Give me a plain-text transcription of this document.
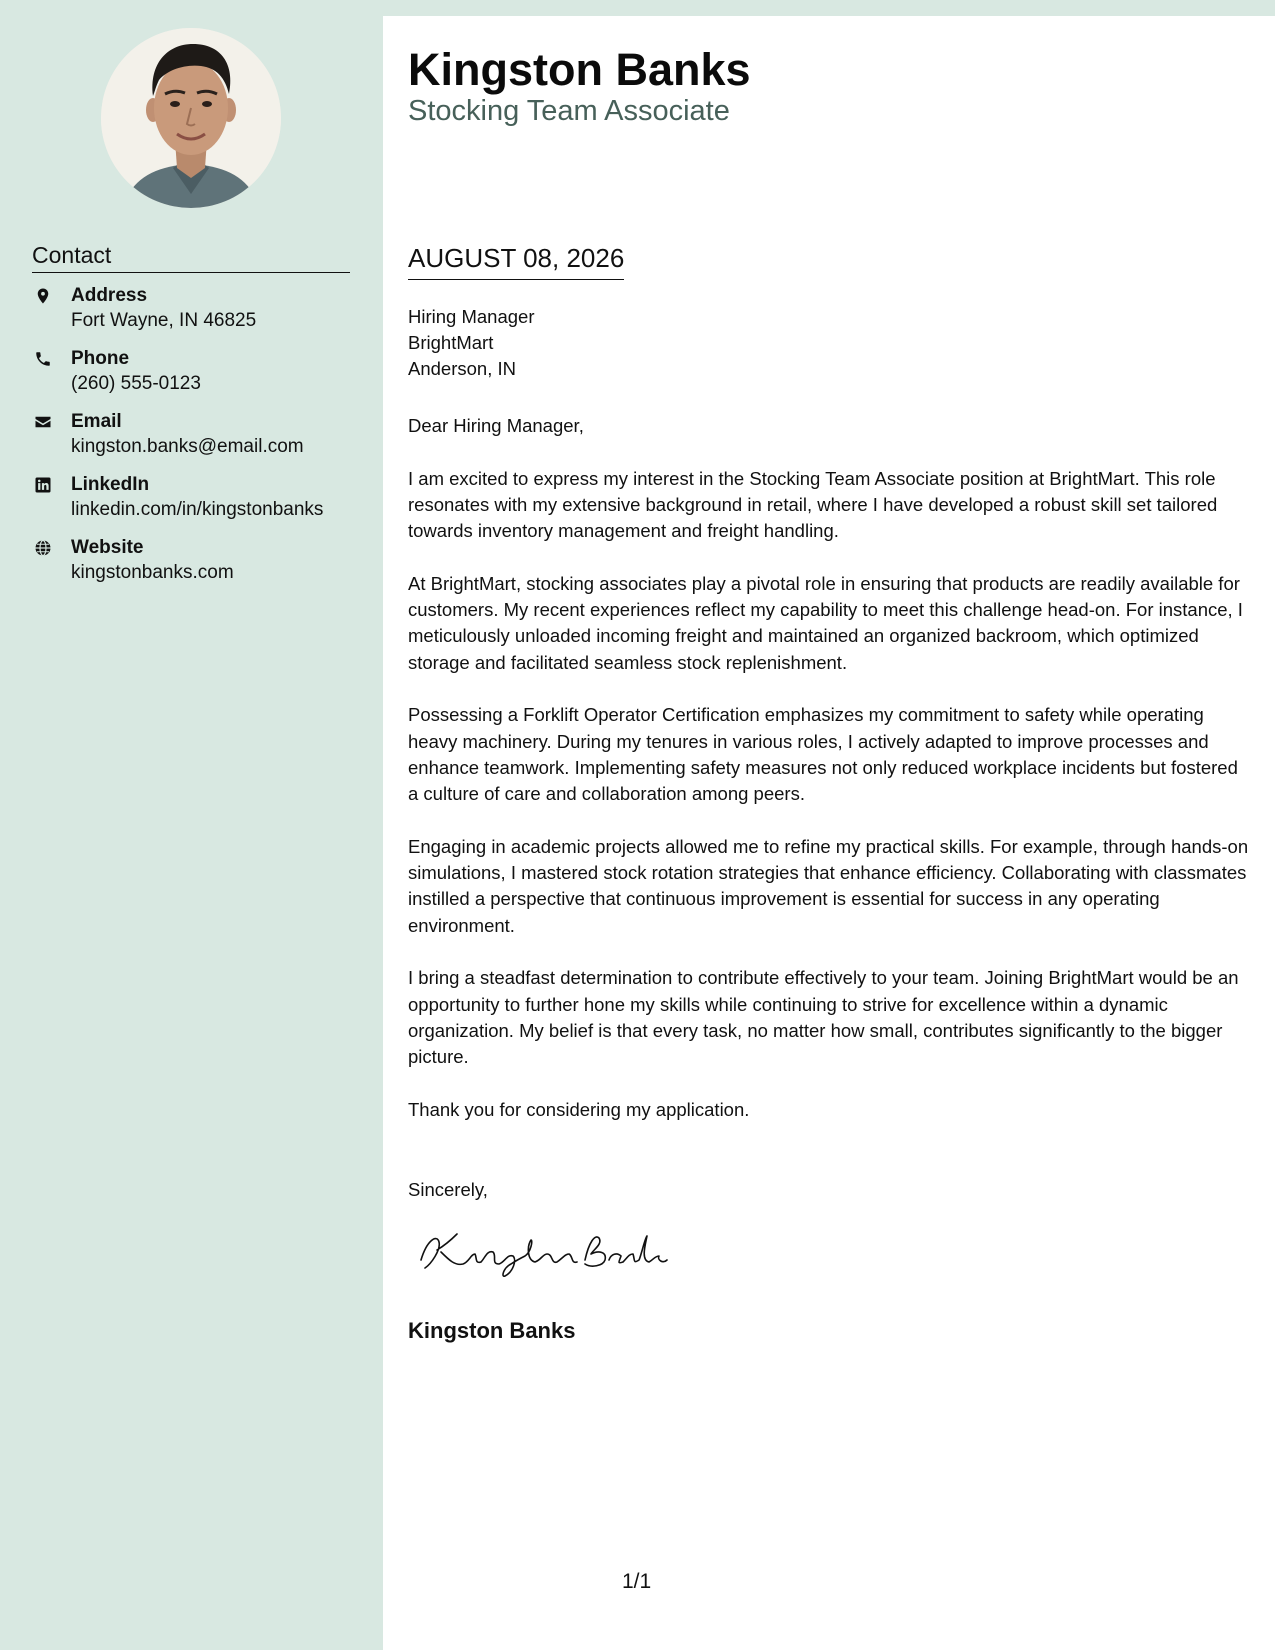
Contact
Address
Fort Wayne, IN 46825
Phone
(260) 555-0123
Email
kingston.banks@email.com
LinkedIn
linkedin.com/in/kingstonbanks
Website
kingstonbanks.com
Kingston Banks
Stocking Team Associate
AUGUST 08, 2026
Hiring Manager
BrightMart
Anderson, IN

Dear Hiring Manager,

I am excited to express my interest in the Stocking Team Associate position at BrightMart. This role resonates with my extensive background in retail, where I have developed a robust skill set tailored towards inventory management and freight handling.

At BrightMart, stocking associates play a pivotal role in ensuring that products are readily available for customers. My recent experiences reflect my capability to meet this challenge head-on. For instance, I meticulously unloaded incoming freight and maintained an organized backroom, which optimized storage and facilitated seamless stock replenishment.

Possessing a Forklift Operator Certification emphasizes my commitment to safety while operating heavy machinery. During my tenures in various roles, I actively adapted to improve processes and enhance teamwork. Implementing safety measures not only reduced workplace incidents but fostered a culture of care and collaboration among peers.

Engaging in academic projects allowed me to refine my practical skills. For example, through hands-on simulations, I mastered stock rotation strategies that enhance efficiency. Collaborating with classmates instilled a perspective that continuous improvement is essential for success in any operating environment.

I bring a steadfast determination to contribute effectively to your team. Joining BrightMart would be an opportunity to further hone my skills while continuing to strive for excellence within a dynamic organization. My belief is that every task, no matter how small, contributes significantly to the bigger picture.

Thank you for considering my application.

Sincerely,
Kingston Banks
1/1
